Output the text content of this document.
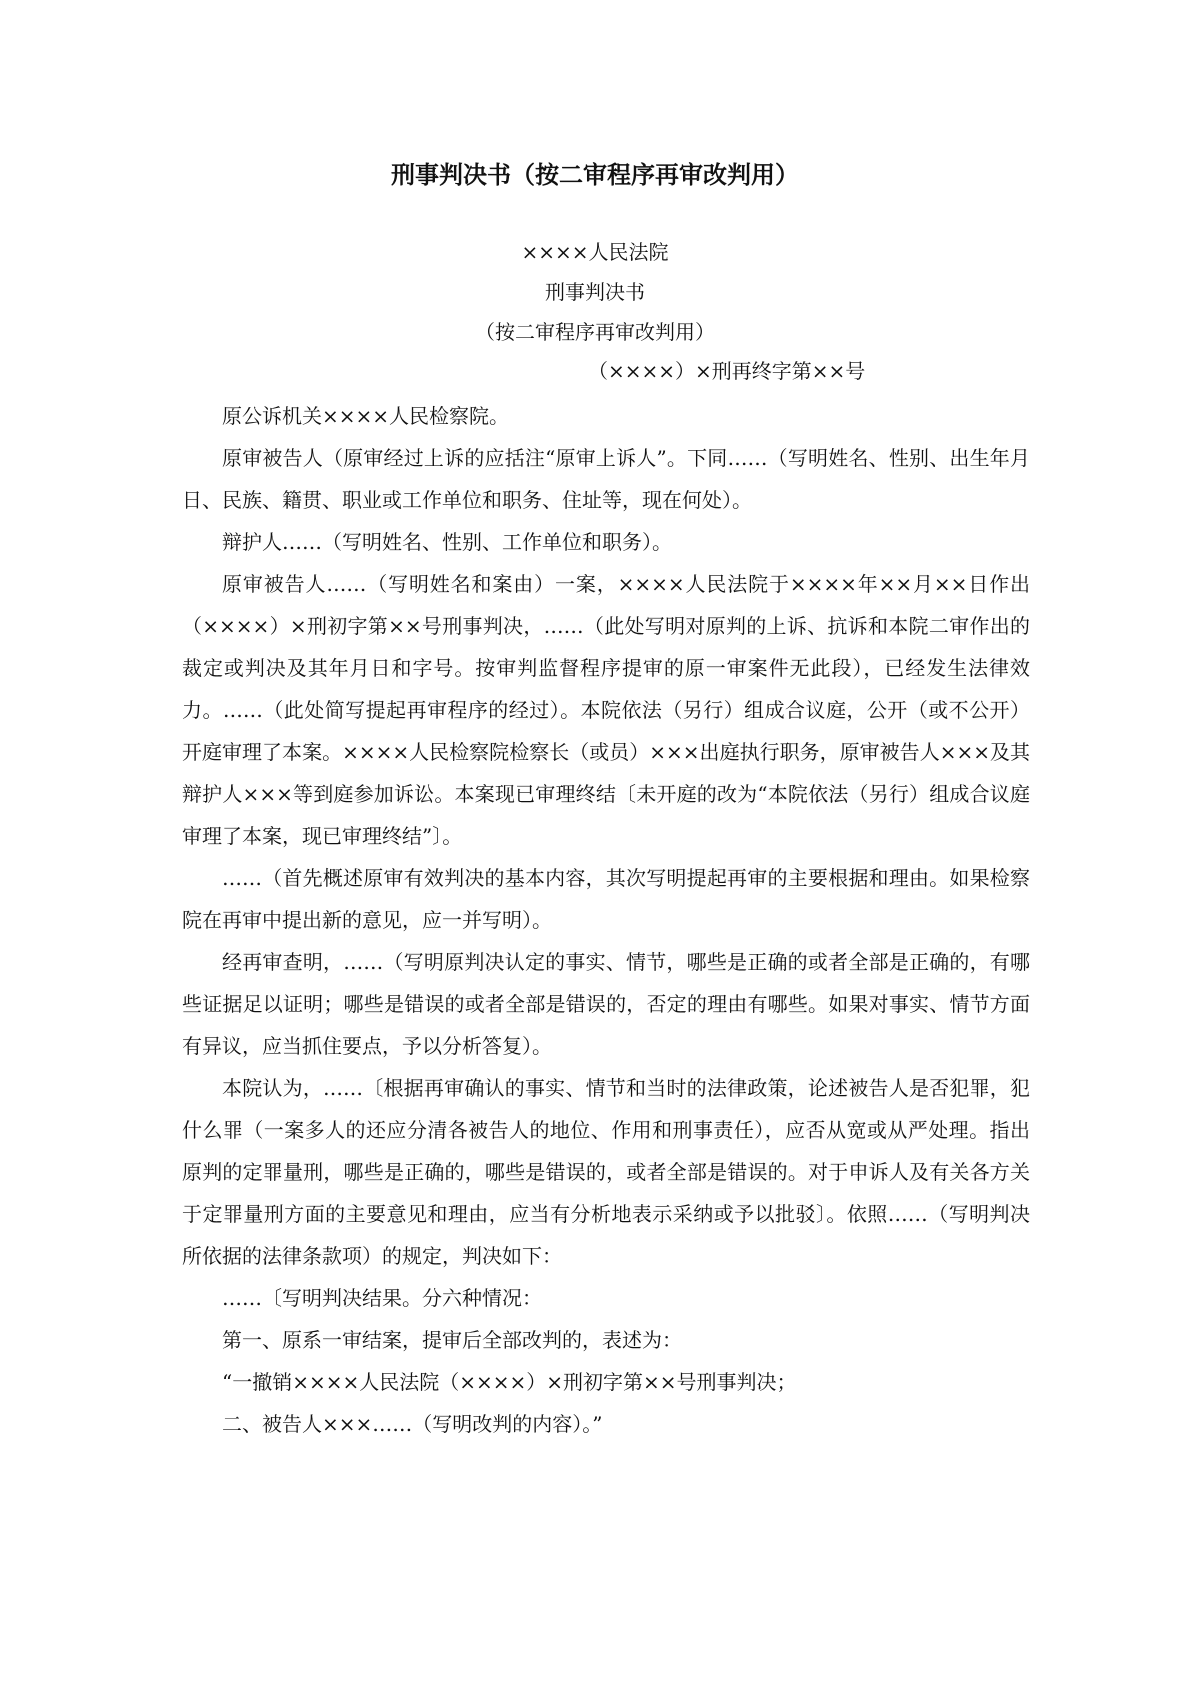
刑事判决书（按二审程序再审改判用）
××××人民法院
刑事判决书
（按二审程序再审改判用）
（××××）×刑再终字第××号

原公诉机关××××人民检察院。

原审被告人（原审经过上诉的应括注“原审上诉人”。下同……（写明姓名、性别、出生年月日、民族、籍贯、职业或工作单位和职务、住址等，现在何处）。

辩护人……（写明姓名、性别、工作单位和职务）。

原审被告人……（写明姓名和案由）一案，××××人民法院于××××年××月××日作出（××××）×刑初字第××号刑事判决，……（此处写明对原判的上诉、抗诉和本院二审作出的裁定或判决及其年月日和字号。按审判监督程序提审的原一审案件无此段），已经发生法律效力。……（此处简写提起再审程序的经过）。本院依法（另行）组成合议庭，公开（或不公开）开庭审理了本案。××××人民检察院检察长（或员）×××出庭执行职务，原审被告人×××及其辩护人×××等到庭参加诉讼。本案现已审理终结〔未开庭的改为“本院依法（另行）组成合议庭审理了本案，现已审理终结”〕。

……（首先概述原审有效判决的基本内容，其次写明提起再审的主要根据和理由。如果检察院在再审中提出新的意见，应一并写明）。

经再审查明，……（写明原判决认定的事实、情节，哪些是正确的或者全部是正确的，有哪些证据足以证明；哪些是错误的或者全部是错误的，否定的理由有哪些。如果对事实、情节方面有异议，应当抓住要点，予以分析答复）。

本院认为，……〔根据再审确认的事实、情节和当时的法律政策，论述被告人是否犯罪，犯什么罪（一案多人的还应分清各被告人的地位、作用和刑事责任），应否从宽或从严处理。指出原判的定罪量刑，哪些是正确的，哪些是错误的，或者全部是错误的。对于申诉人及有关各方关于定罪量刑方面的主要意见和理由，应当有分析地表示采纳或予以批驳〕。依照……（写明判决所依据的法律条款项）的规定，判决如下：

……〔写明判决结果。分六种情况：

第一、原系一审结案，提审后全部改判的，表述为：

“一撤销××××人民法院（××××）×刑初字第××号刑事判决；

二、被告人×××……（写明改判的内容）。”
